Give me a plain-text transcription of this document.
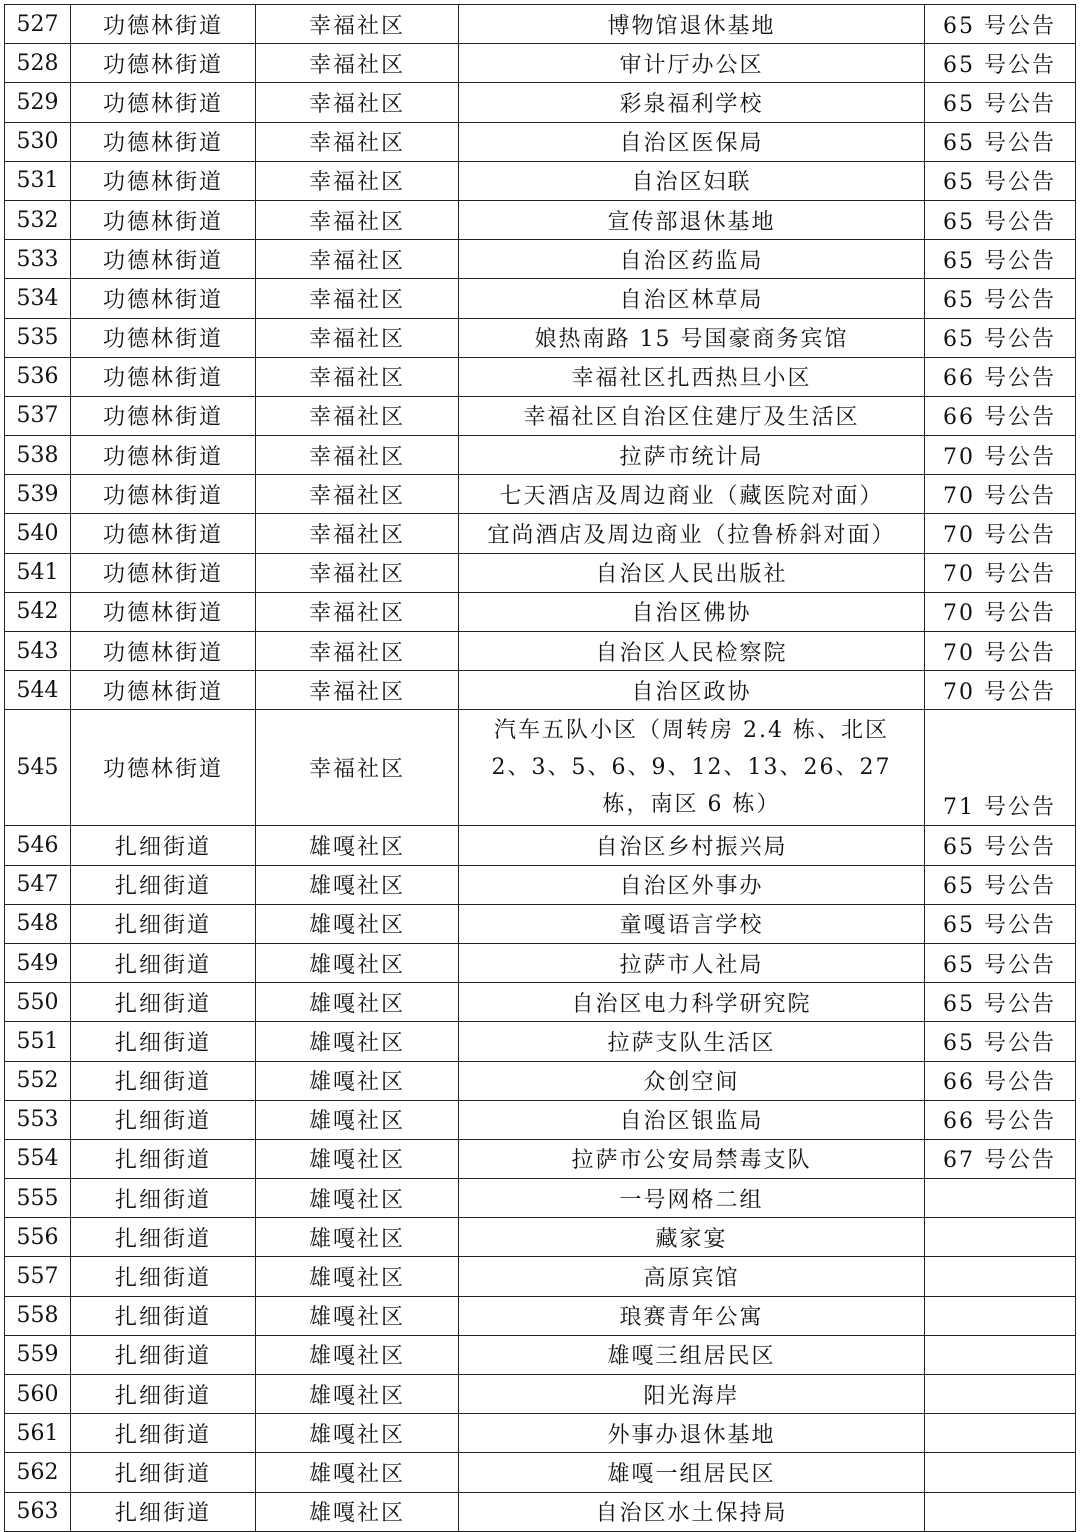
527	功德林街道	幸福社区	博物馆退休基地	65 号公告
528	功德林街道	幸福社区	审计厅办公区	65 号公告
529	功德林街道	幸福社区	彩泉福利学校	65 号公告
530	功德林街道	幸福社区	自治区医保局	65 号公告
531	功德林街道	幸福社区	自治区妇联	65 号公告
532	功德林街道	幸福社区	宣传部退休基地	65 号公告
533	功德林街道	幸福社区	自治区药监局	65 号公告
534	功德林街道	幸福社区	自治区林草局	65 号公告
535	功德林街道	幸福社区	娘热南路 15 号国豪商务宾馆	65 号公告
536	功德林街道	幸福社区	幸福社区扎西热旦小区	66 号公告
537	功德林街道	幸福社区	幸福社区自治区住建厅及生活区	66 号公告
538	功德林街道	幸福社区	拉萨市统计局	70 号公告
539	功德林街道	幸福社区	七天酒店及周边商业（藏医院对面）	70 号公告
540	功德林街道	幸福社区	宜尚酒店及周边商业（拉鲁桥斜对面）	70 号公告
541	功德林街道	幸福社区	自治区人民出版社	70 号公告
542	功德林街道	幸福社区	自治区佛协	70 号公告
543	功德林街道	幸福社区	自治区人民检察院	70 号公告
544	功德林街道	幸福社区	自治区政协	70 号公告
545	功德林街道	幸福社区	汽车五队小区（周转房 2.4 栋、北区 2、3、5、6、9、12、13、26、27 栋，南区 6 栋）	71 号公告
546	扎细街道	雄嘎社区	自治区乡村振兴局	65 号公告
547	扎细街道	雄嘎社区	自治区外事办	65 号公告
548	扎细街道	雄嘎社区	童嘎语言学校	65 号公告
549	扎细街道	雄嘎社区	拉萨市人社局	65 号公告
550	扎细街道	雄嘎社区	自治区电力科学研究院	65 号公告
551	扎细街道	雄嘎社区	拉萨支队生活区	65 号公告
552	扎细街道	雄嘎社区	众创空间	66 号公告
553	扎细街道	雄嘎社区	自治区银监局	66 号公告
554	扎细街道	雄嘎社区	拉萨市公安局禁毒支队	67 号公告
555	扎细街道	雄嘎社区	一号网格二组	
556	扎细街道	雄嘎社区	藏家宴	
557	扎细街道	雄嘎社区	高原宾馆	
558	扎细街道	雄嘎社区	琅赛青年公寓	
559	扎细街道	雄嘎社区	雄嘎三组居民区	
560	扎细街道	雄嘎社区	阳光海岸	
561	扎细街道	雄嘎社区	外事办退休基地	
562	扎细街道	雄嘎社区	雄嘎一组居民区	
563	扎细街道	雄嘎社区	自治区水土保持局	
